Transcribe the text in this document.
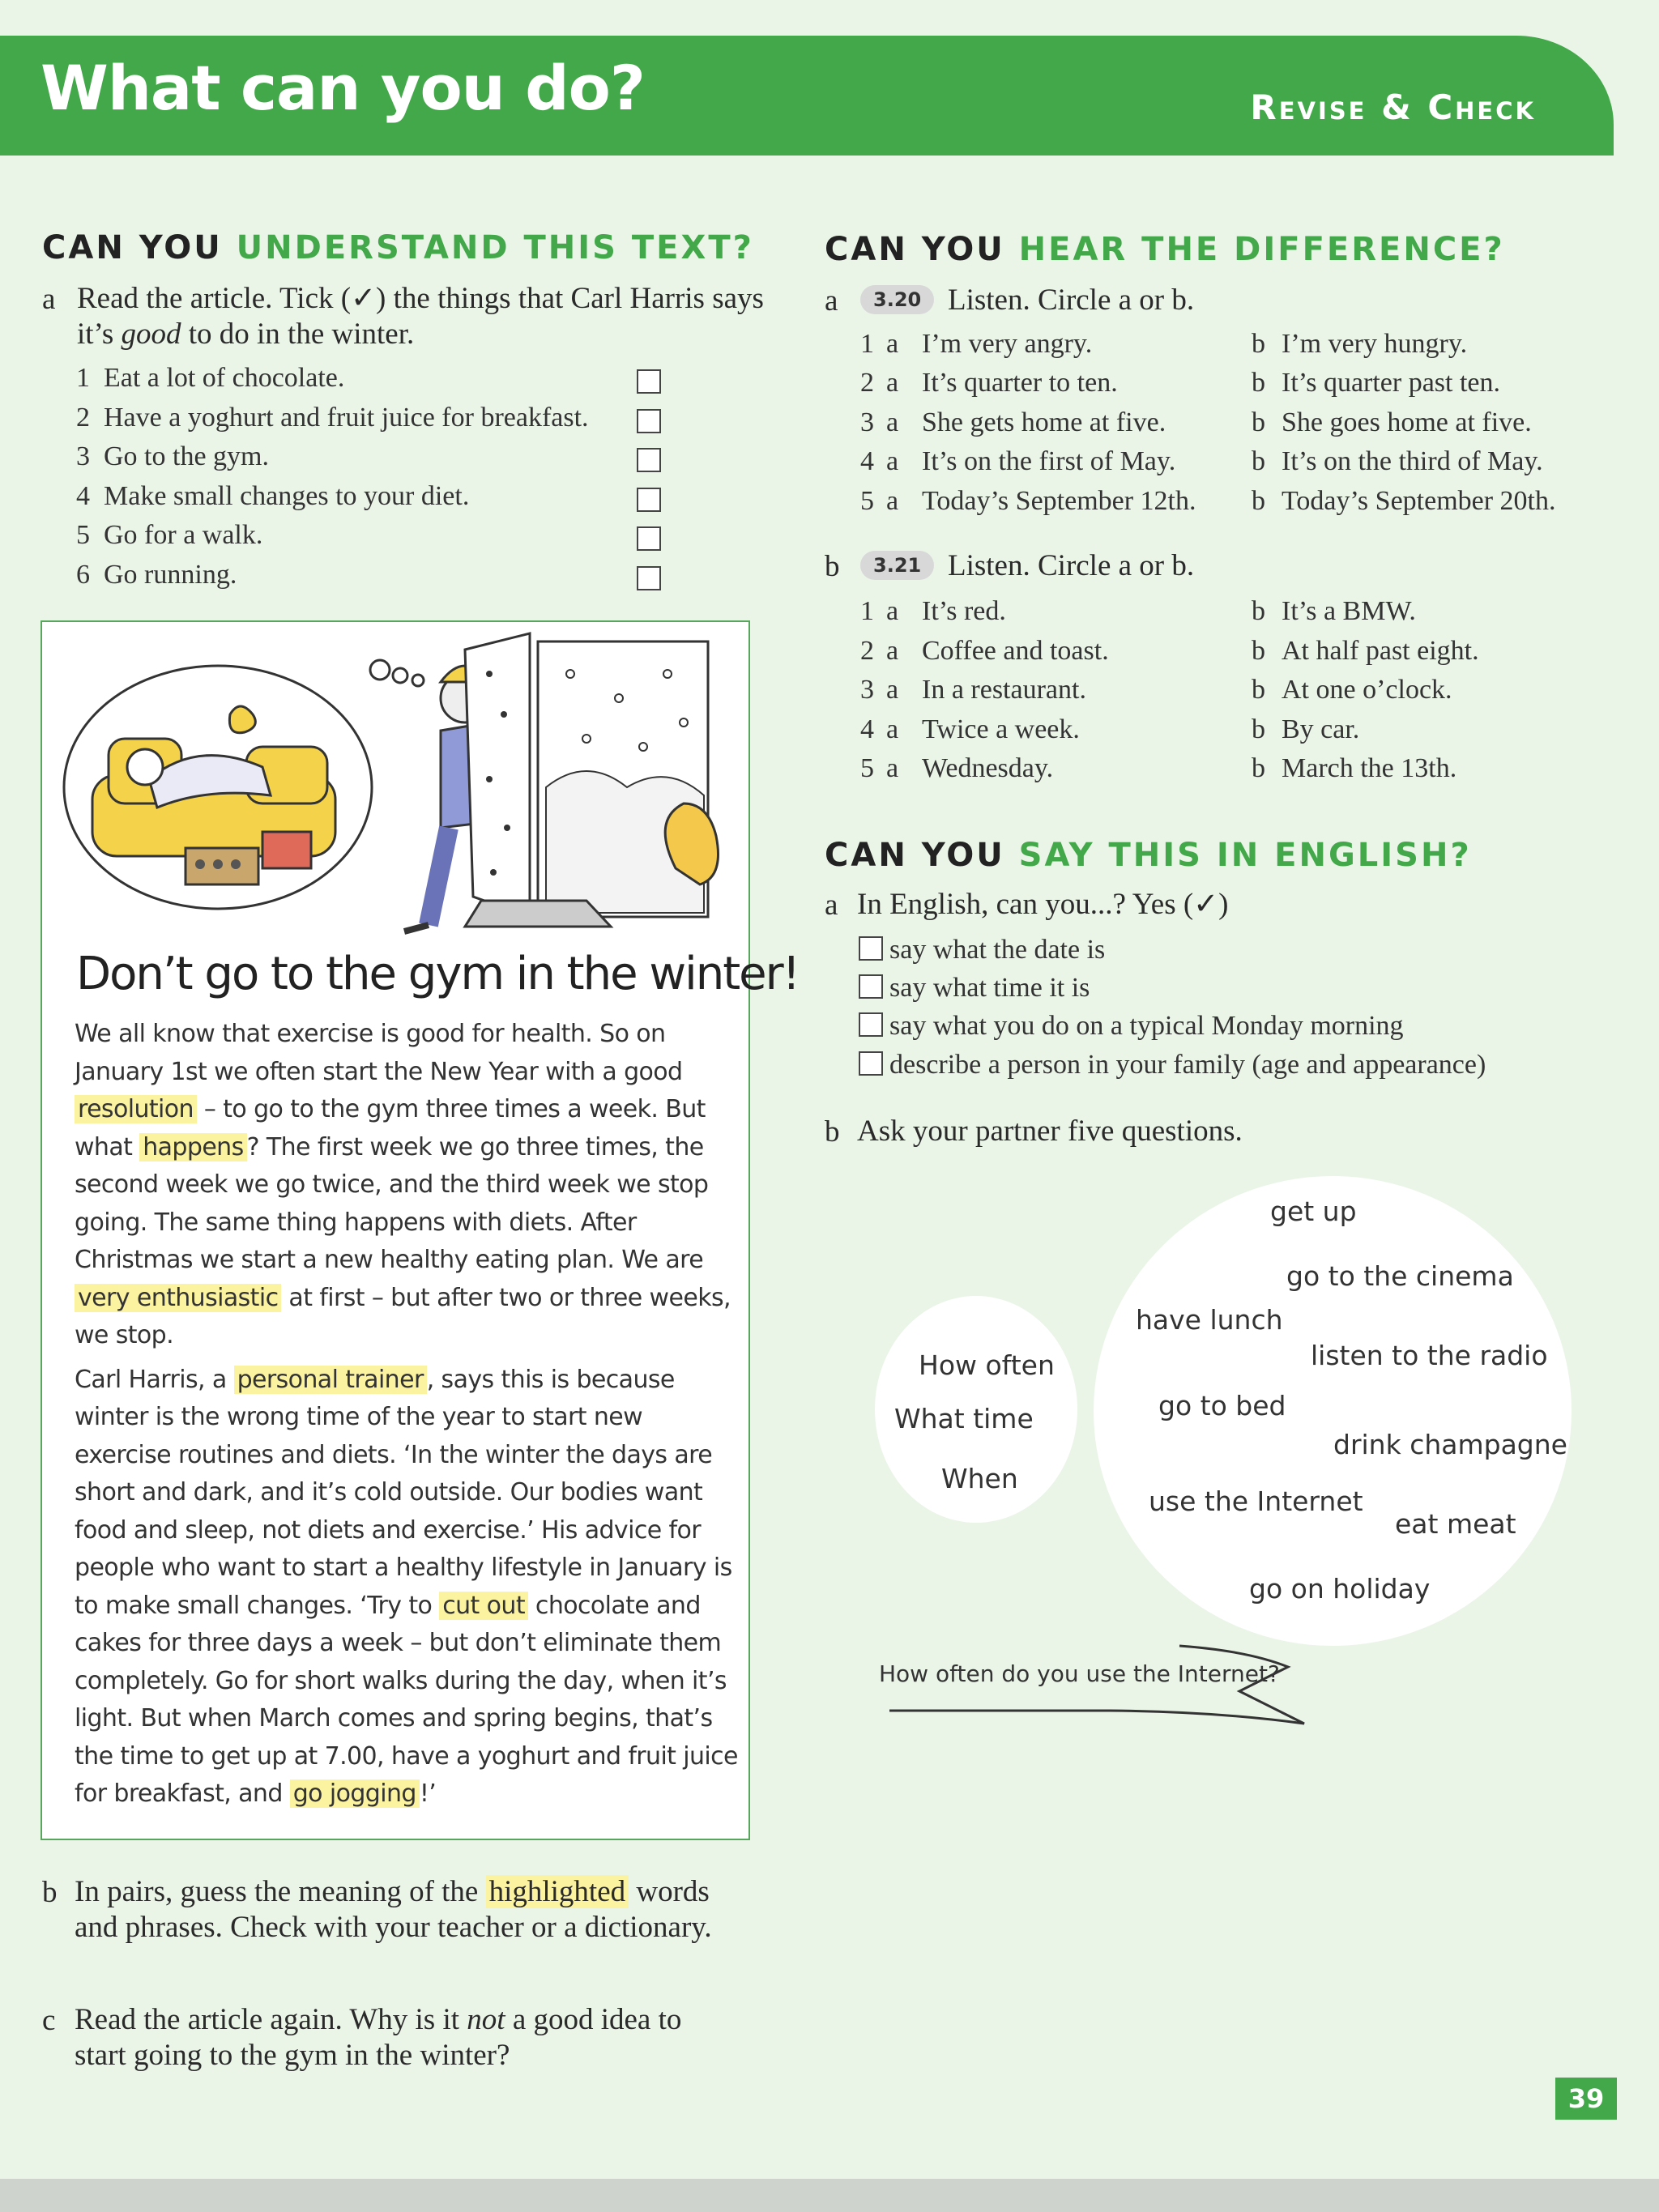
What can you do?	Revise & Check
CAN YOU UNDERSTAND THIS TEXT?
a Read the article. Tick (✓) the things that Carl Harris says it’s good to do in the winter.
1 Eat a lot of chocolate.
2 Have a yoghurt and fruit juice for breakfast.
3 Go to the gym.
4 Make small changes to your diet.
5 Go for a walk.
6 Go running.
Don’t go to the gym in the winter!

We all know that exercise is good for health. So on January 1st we often start the New Year with a good resolution – to go to the gym three times a week. But what happens ? The first week we go three times, the second week we go twice, and the third week we stop going. The same thing happens with diets. After Christmas we start a new healthy eating plan. We are very enthusiastic at first – but after two or three weeks, we stop.

Carl Harris, a personal trainer , says this is because winter is the wrong time of the year to start new exercise routines and diets. ‘In the winter the days are short and dark, and it’s cold outside. Our bodies want food and sleep, not diets and exercise.’ His advice for people who want to start a healthy lifestyle in January is to make small changes. ‘Try to cut out chocolate and cakes for three days a week – but don’t eliminate them completely. Go for short walks during the day, when it’s light. But when March comes and spring begins, that’s the time to get up at 7.00, have a yoghurt and fruit juice for breakfast, and go jogging !’

b In pairs, guess the meaning of the highlighted words and phrases. Check with your teacher or a dictionary.
c Read the article again. Why is it not a good idea to start going to the gym in the winter?
CAN YOU HEAR THE DIFFERENCE?
a	3.20 Listen. Circle a or b.
1 a I’m very angry.	b I’m very hungry.
2 a It’s quarter to ten.	b It’s quarter past ten.
3 a She gets home at five.	b She goes home at five.
4 a It’s on the first of May.	b It’s on the third of May.
5 a Today’s September 12th. b Today’s September 20th.
b	3.21 Listen. Circle a or b.
1 a It’s red.	b It’s a BMW.
2 a Coffee and toast.	b At half past eight.
3 a In a restaurant.	b At one o’clock.
4 a Twice a week.	b By car.
5 a Wednesday.	b March the 13th.
CAN YOU SAY THIS IN ENGLISH?
a In English, can you...? Yes (✓)
say what the date is
say what time it is
say what you do on a typical Monday morning
describe a person in your family (age and appearance)
b Ask your partner five questions.
How often
What time
When
get up
go to the cinema
have lunch
listen to the radio
go to bed
drink champagne
use the Internet
eat meat
go on holiday
How often do you use the Internet?
39
